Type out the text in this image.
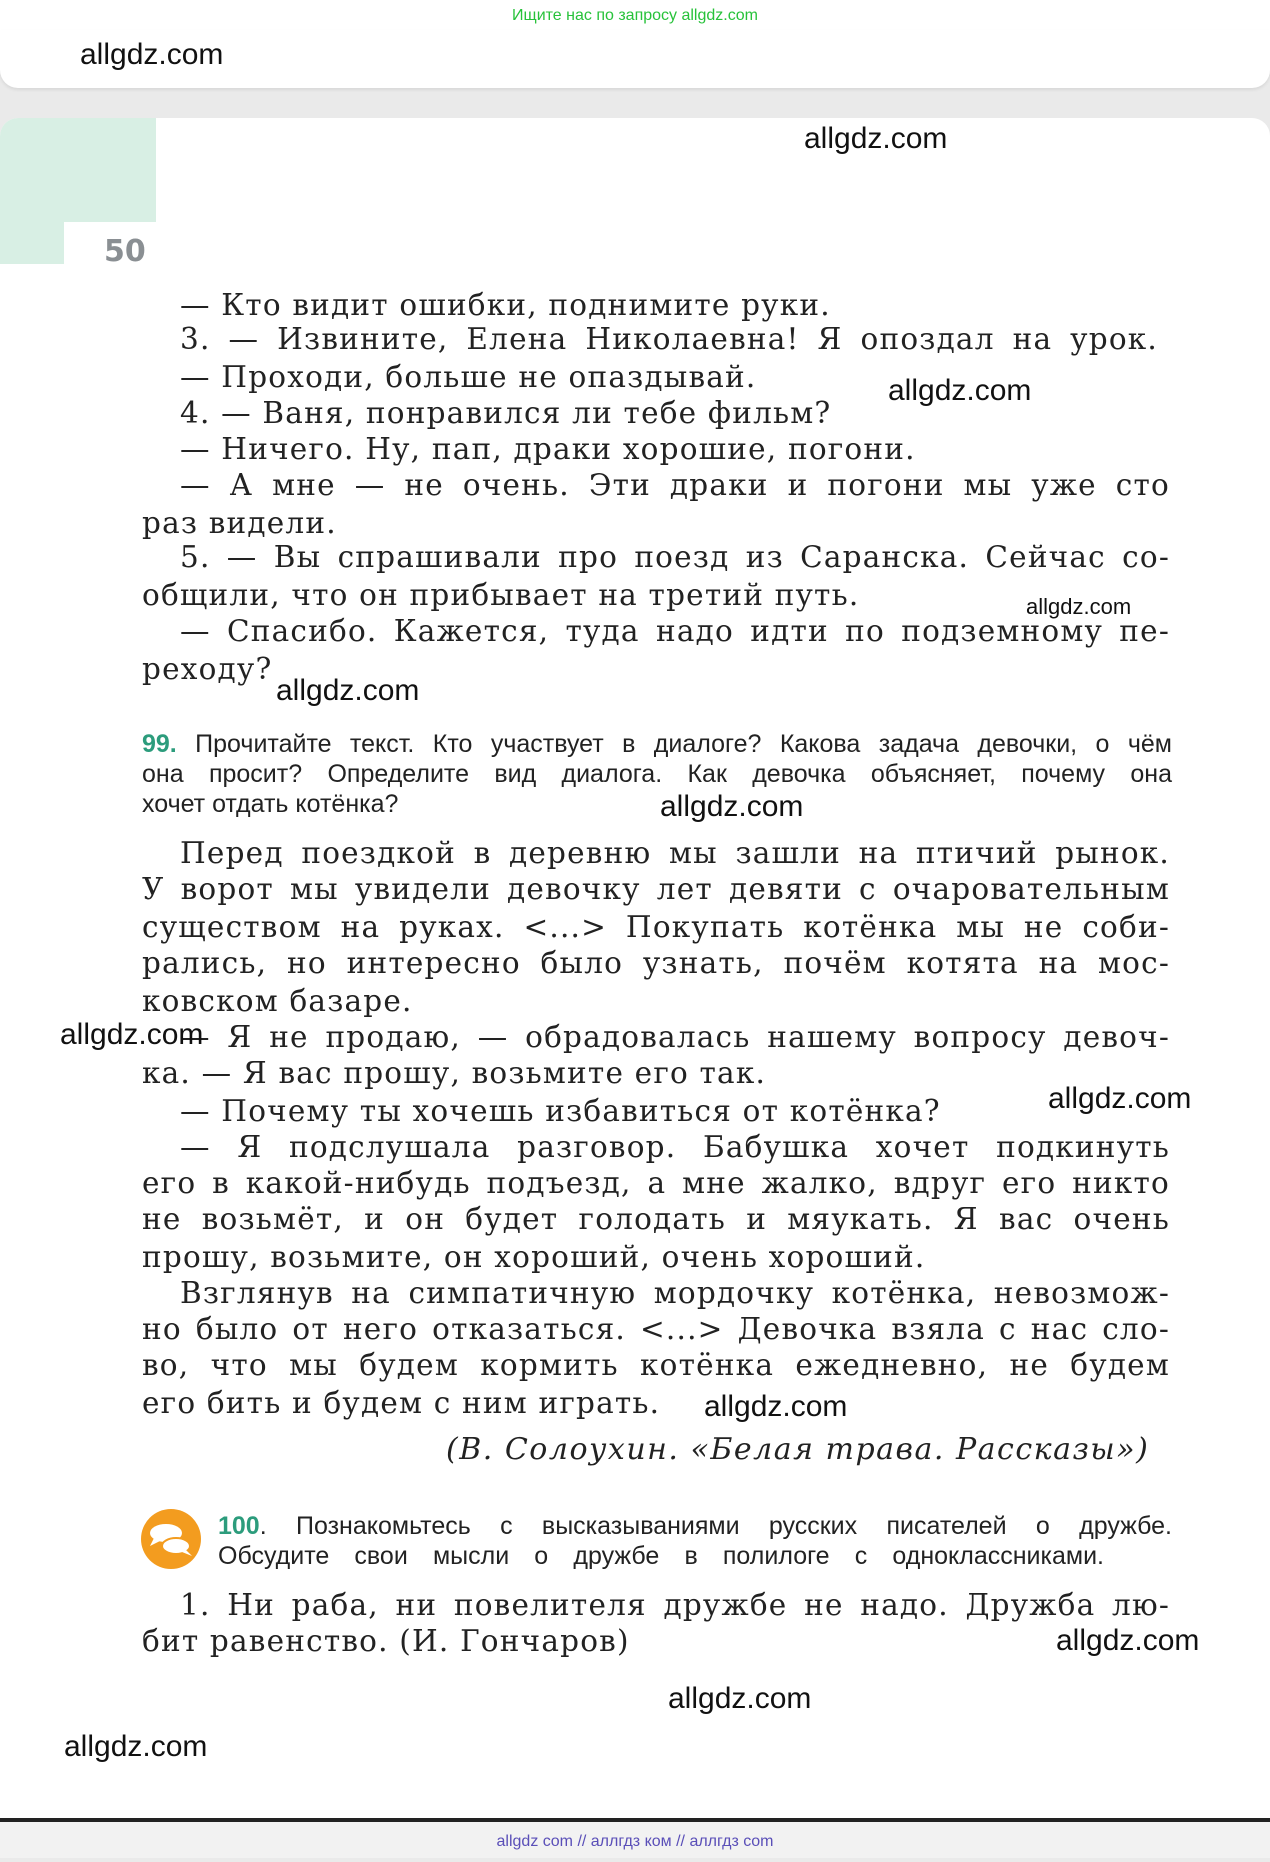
Ищите нас по запросу allgdz.com
50
— Кто видит ошибки, поднимите руки.
3. — Извините, Елена Николаевна! Я опоздал на урок.
— Проходи, больше не опаздывай.
4. — Ваня, понравился ли тебе фильм?
— Ничего. Ну, пап, драки хорошие, погони.
— А мне — не очень. Эти драки и погони мы уже сто
раз видели.
5. — Вы спрашивали про поезд из Саранска. Сейчас со-
общили, что он прибывает на третий путь.
— Спасибо. Кажется, туда надо идти по подземному пе-
реходу?
99. Прочитайте текст. Кто участвует в диалоге? Какова задача девочки, о чём
она просит? Определите вид диалога. Как девочка объясняет, почему она
хочет отдать котёнка?
Перед поездкой в деревню мы зашли на птичий рынок.
У ворот мы увидели девочку лет девяти с очаровательным
существом на руках. <...> Покупать котёнка мы не соби-
рались, но интересно было узнать, почём котята на мос-
ковском базаре.
— Я не продаю, — обрадовалась нашему вопросу девоч-
ка. — Я вас прошу, возьмите его так.
— Почему ты хочешь избавиться от котёнка?
— Я подслушала разговор. Бабушка хочет подкинуть
его в какой-нибудь подъезд, а мне жалко, вдруг его никто
не возьмёт, и он будет голодать и мяукать. Я вас очень
прошу, возьмите, он хороший, очень хороший.
Взглянув на симпатичную мордочку котёнка, невозмож-
но было от него отказаться. <...> Девочка взяла с нас сло-
во, что мы будем кормить котёнка ежедневно, не будем
его бить и будем с ним играть.
(В. Солоухин. «Белая трава. Рассказы»)
100. Познакомьтесь с высказываниями русских писателей о дружбе.
Обсудите свои мысли о дружбе в полилоге с одноклассниками.
1. Ни раба, ни повелителя дружбе не надо. Дружба лю-
бит равенство. (И. Гончаров)
allgdz.com
allgdz.com
allgdz.com
allgdz.com
allgdz.com
allgdz.com
allgdz.com
allgdz.com
allgdz.com
allgdz.com
allgdz.com
allgdz.com
allgdz com // аллгдз ком // аллгдз com
